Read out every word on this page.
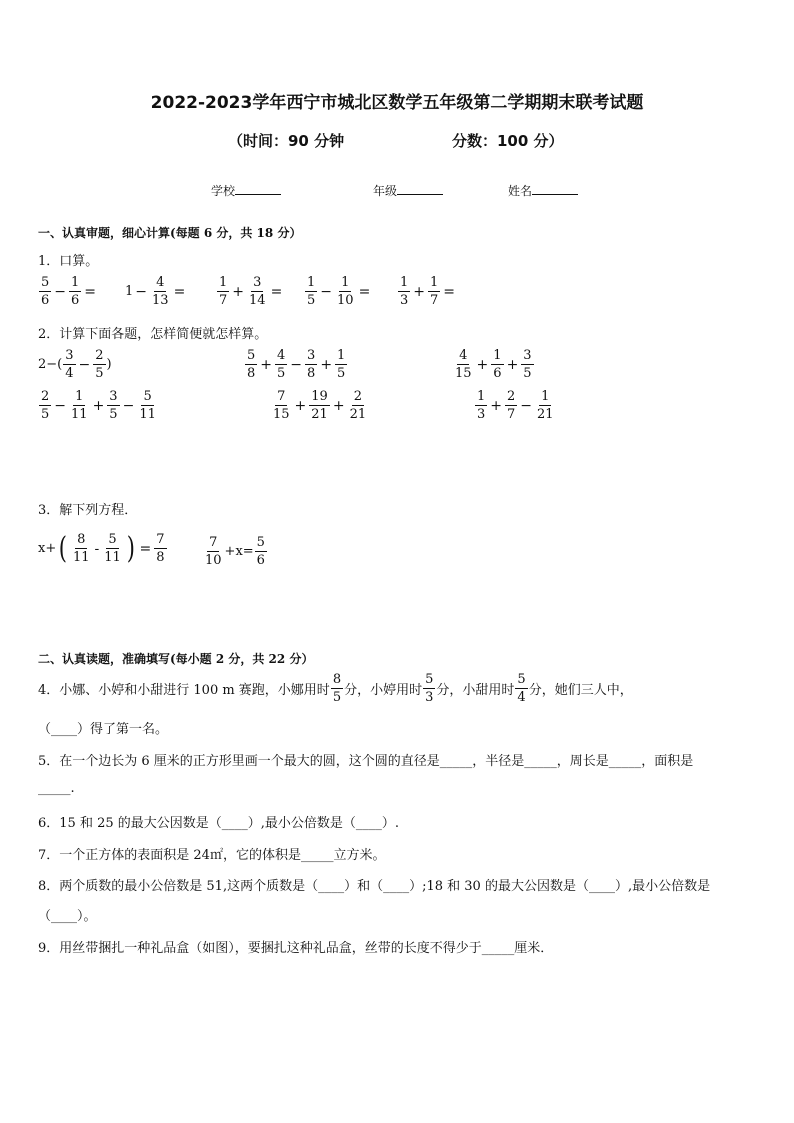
2022-2023学年西宁市城北区数学五年级第二学期期末联考试题
（时间：90 分钟	分数：100 分）
学校	年级	姓名
一、认真审题，细心计算(每题 6 分，共 18 分）
1．口算。
$\frac{5}{6} - \frac{1}{6} = 1 - \frac{4}{13} = \frac{1}{7} + \frac{3}{14} = \frac{1}{5} - \frac{1}{10} = \frac{1}{3} + \frac{1}{7}$ =
2．计算下面各题，怎样简便就怎样算。
2 −( $\frac{3}{4} - \frac{2}{5}$ )	$\frac{5}{8} + \frac{4}{5} - \frac{3}{8} + \frac{1}{5}$	$\frac{4}{15} + \frac{1}{6} + \frac{3}{5}$
$\frac{2}{5} - \frac{1}{11} + \frac{3}{5} - \frac{5}{11}$	$\frac{7}{15} + \frac{19}{21} + \frac{2}{21}$	$\frac{1}{3} + \frac{2}{7} - \frac{1}{21}$
3．解下列方程．
x+ ( $\frac{8}{11} - \frac{5}{11}$ ) = $\frac{7}{8}$	$\frac{7}{10} +x= \frac{5}{6}$
二、认真读题，准确填写(每小题 2 分，共 22 分）
4．小娜、小婷和小甜进行 100 m 赛跑，小娜用时 $\frac{8}{5}$ 分，小婷用时 $\frac{5}{3}$ 分，小甜用时 $\frac{5}{4}$ 分，她们三人中，
（____）得了第一名。
5．在一个边长为 6 厘米的正方形里画一个最大的圆，这个圆的直径是_____，半径是_____，周长是_____，面积是
_____.
6．15 和 25 的最大公因数是（____）,最小公倍数是（____）.
7．一个正方体的表面积是 24㎡，它的体积是_____立方米。
8．两个质数的最小公倍数是 51,这两个质数是（____）和（____）;18 和 30 的最大公因数是（____）,最小公倍数是
（____）。
9．用丝带捆扎一种礼品盒（如图），要捆扎这种礼品盒，丝带的长度不得少于_____厘米．
